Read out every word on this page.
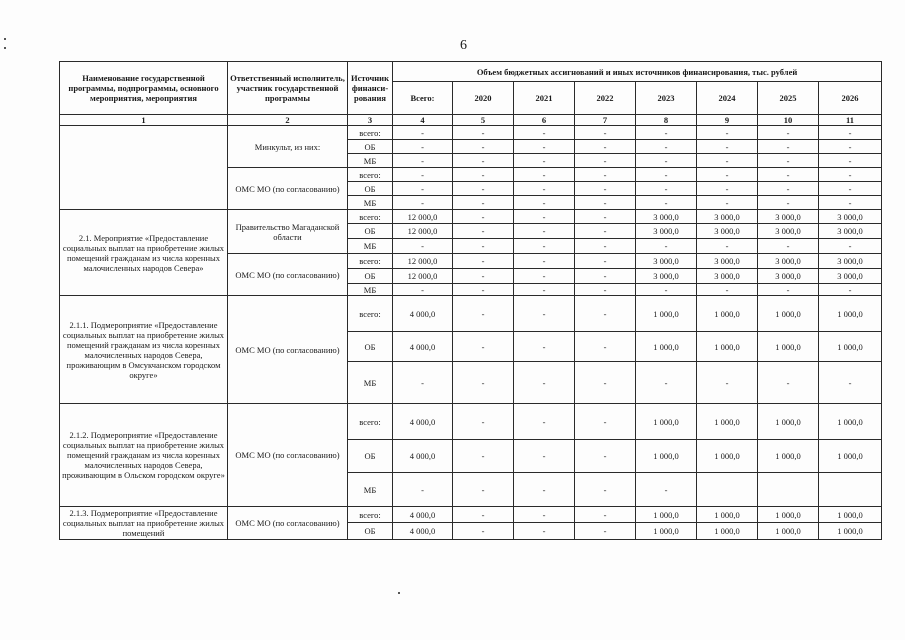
6
Наименование государственной программы, подпрограммы, основного мероприятия, мероприятия	Ответственный исполнитель, участник государственной программы	Источник финанси-рования	Объем бюджетных ассигнований и иных источников финансирования, тыс. рублей							
			Всего:	2020	2021	2022	2023	2024	2025	2026
1	2	3	4	5	6	7	8	9	10	11
	Минкульт, из них:	всего:	-	-	-	-	-	-	-	-
		ОБ	-	-	-	-	-	-	-	-
		МБ	-	-	-	-	-	-	-	-
	ОМС МО (по согласованию)	всего:	-	-	-	-	-	-	-	-
		ОБ	-	-	-	-	-	-	-	-
		МБ	-	-	-	-	-	-	-	-
2.1. Мероприятие «Предоставление социальных выплат на приобретение жилых помещений гражданам из числа коренных малочисленных народов Севера»	Правительство Магаданской области	всего:	12 000,0	-	-	-	3 000,0	3 000,0	3 000,0	3 000,0
		ОБ	12 000,0	-	-	-	3 000,0	3 000,0	3 000,0	3 000,0
		МБ	-	-	-	-	-	-	-	-
	ОМС МО (по согласованию)	всего:	12 000,0	-	-	-	3 000,0	3 000,0	3 000,0	3 000,0
		ОБ	12 000,0	-	-	-	3 000,0	3 000,0	3 000,0	3 000,0
		МБ	-	-	-	-	-	-	-	-
2.1.1. Подмероприятие «Предоставление социальных выплат на приобретение жилых помещений гражданам из числа коренных малочисленных народов Севера, проживающим в Омсукчанском городском округе»	ОМС МО (по согласованию)	всего:	4 000,0	-	-	-	1 000,0	1 000,0	1 000,0	1 000,0
		ОБ	4 000,0	-	-	-	1 000,0	1 000,0	1 000,0	1 000,0
		МБ	-	-	-	-	-	-	-	-
2.1.2. Подмероприятие «Предоставление социальных выплат на приобретение жилых помещений гражданам из числа коренных малочисленных народов Севера, проживающим в Ольском городском округе»	ОМС МО (по согласованию)	всего:	4 000,0	-	-	-	1 000,0	1 000,0	1 000,0	1 000,0
		ОБ	4 000,0	-	-	-	1 000,0	1 000,0	1 000,0	1 000,0
		МБ	-	-	-	-	-			
2.1.3. Подмероприятие «Предоставление социальных выплат на приобретение жилых помещений	ОМС МО (по согласованию)	всего:	4 000,0	-	-	-	1 000,0	1 000,0	1 000,0	1 000,0
		ОБ	4 000,0	-	-	-	1 000,0	1 000,0	1 000,0	1 000,0
